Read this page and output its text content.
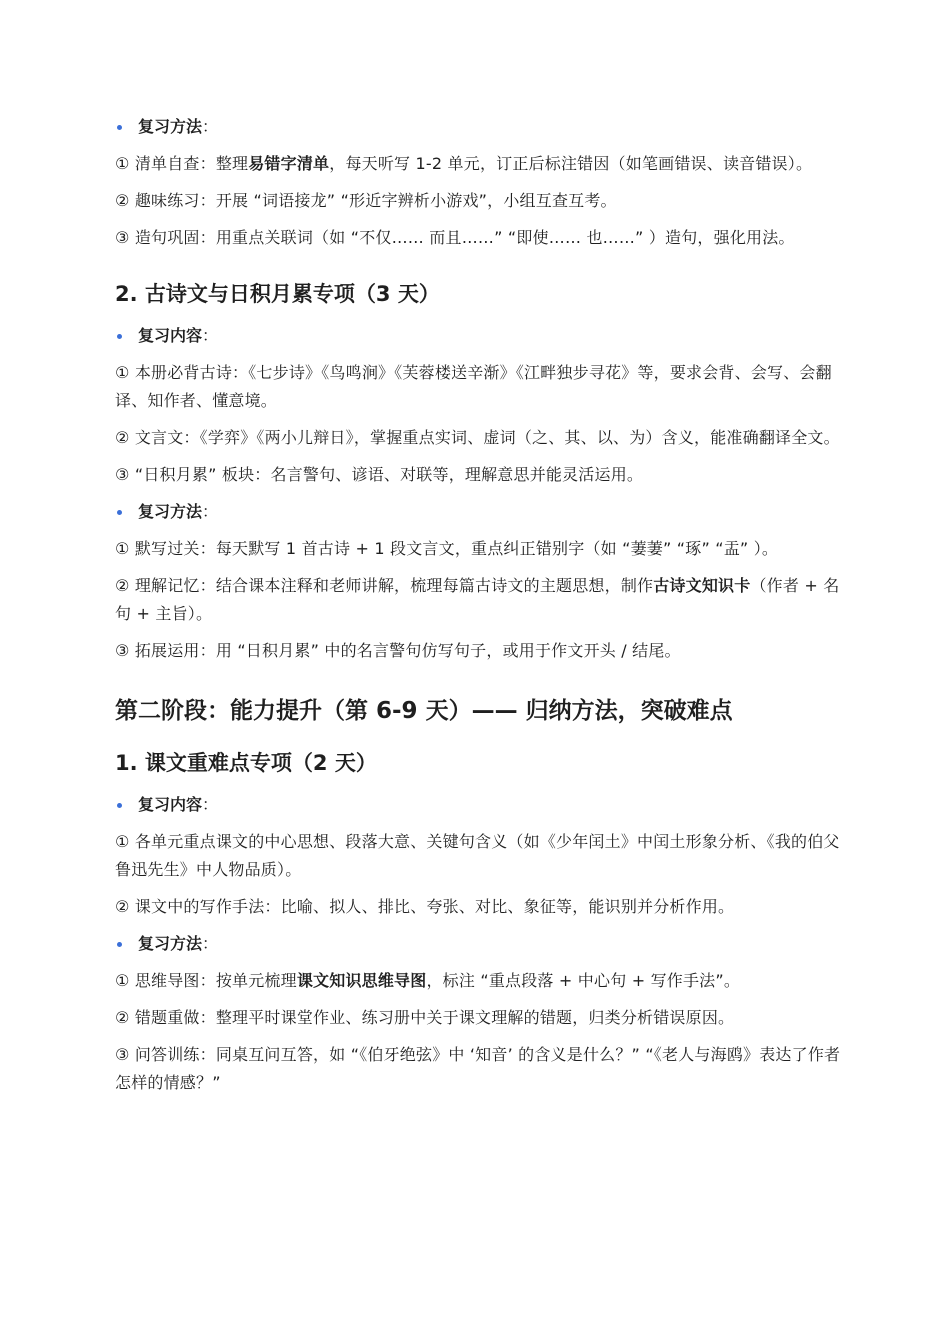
复习方法 ：

① 清单自查：整理易错字清单，每天听写 1-2 单元，订正后标注错因（如笔画错误、读音错误）。

② 趣味练习：开展 “词语接龙” “形近字辨析小游戏”，小组互查互考。

③ 造句巩固：用重点关联词（如 “不仅…… 而且……” “即使…… 也……” ）造句，强化用法。

2. 古诗文与日积月累专项（3 天）
复习内容 ：

① 本册必背古诗：《七步诗》《鸟鸣涧》《芙蓉楼送辛渐》《江畔独步寻花》等，要求会背、会写、会翻译、知作者、懂意境。

② 文言文：《学弈》《两小儿辩日》，掌握重点实词、虚词（之、其、以、为）含义，能准确翻译全文。

③ “日积月累” 板块：名言警句、谚语、对联等，理解意思并能灵活运用。

复习方法 ：

① 默写过关：每天默写 1 首古诗 + 1 段文言文，重点纠正错别字（如 “萋萋” “琢” “盂” ）。

② 理解记忆：结合课本注释和老师讲解，梳理每篇古诗文的主题思想，制作古诗文知识卡（作者 + 名句 + 主旨）。

③ 拓展运用：用 “日积月累” 中的名言警句仿写句子，或用于作文开头 / 结尾。

第二阶段：能力提升（第 6-9 天）—— 归纳方法，突破难点
1. 课文重难点专项（2 天）
复习内容 ：

① 各单元重点课文的中心思想、段落大意、关键句含义（如《少年闰土》中闰土形象分析、《我的伯父鲁迅先生》中人物品质）。

② 课文中的写作手法：比喻、拟人、排比、夸张、对比、象征等，能识别并分析作用。

复习方法 ：

① 思维导图：按单元梳理课文知识思维导图，标注 “重点段落 + 中心句 + 写作手法”。

② 错题重做：整理平时课堂作业、练习册中关于课文理解的错题，归类分析错误原因。

③ 问答训练：同桌互问互答，如 “《伯牙绝弦》中 ‘知音’ 的含义是什么？” “《老人与海鸥》表达了作者怎样的情感？”
